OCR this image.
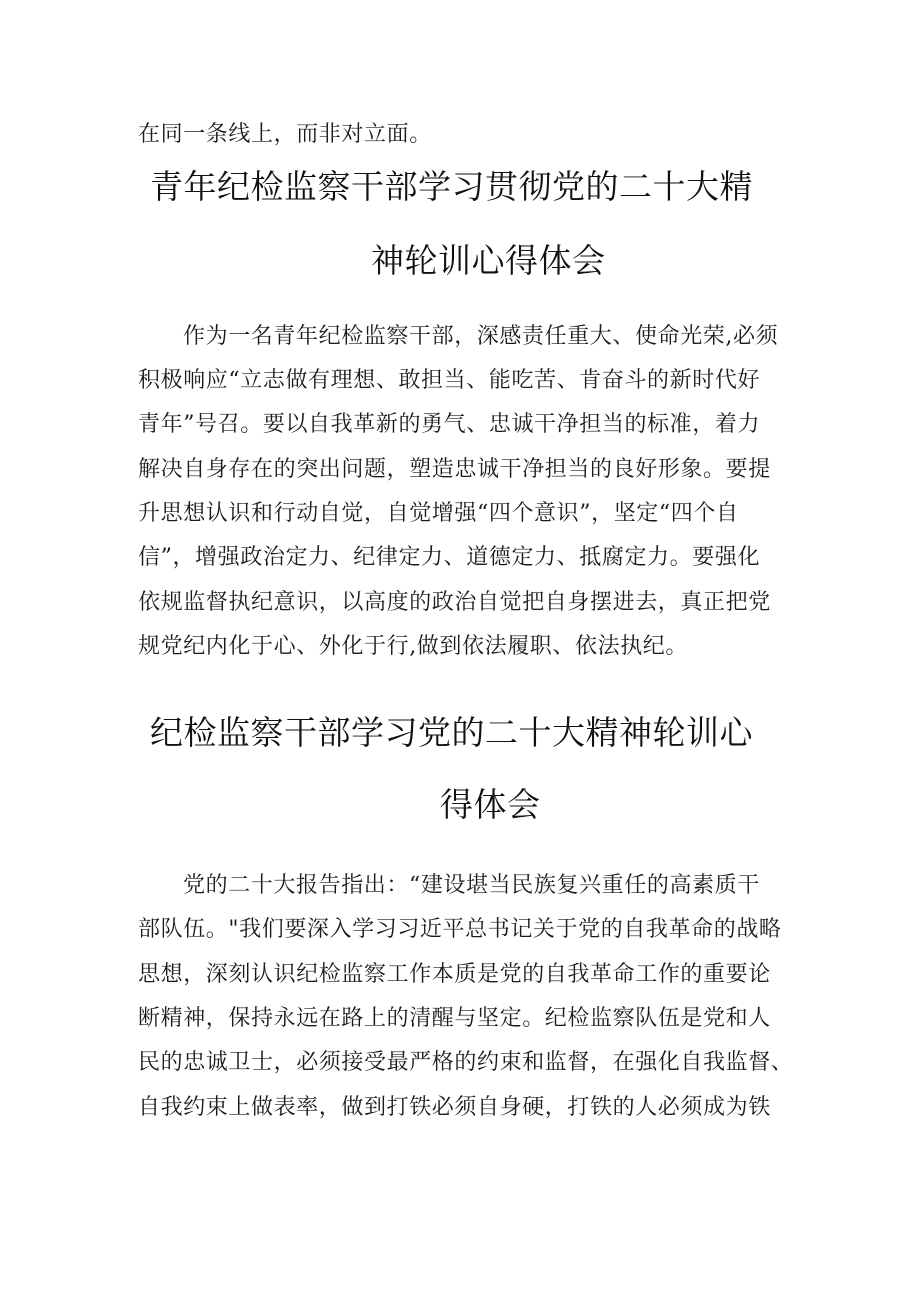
在同一条线上，而非对立面。
青年纪检监察干部学习贯彻党的二十大精
神轮训心得体会
作为一名青年纪检监察干部，深感责任重大、使命光荣,必须
积极响应“立志做有理想、敢担当、能吃苦、肯奋斗的新时代好
青年”号召。要以自我革新的勇气、忠诚干净担当的标准，着力
解决自身存在的突出问题，塑造忠诚干净担当的良好形象。要提
升思想认识和行动自觉，自觉增强“四个意识”，坚定“四个自
信”，增强政治定力、纪律定力、道德定力、抵腐定力。要强化
依规监督执纪意识，以高度的政治自觉把自身摆进去，真正把党
规党纪内化于心、外化于行,做到依法履职、依法执纪。
纪检监察干部学习党的二十大精神轮训心
得体会
党的二十大报告指出：“建设堪当民族复兴重任的高素质干
部队伍。"我们要深入学习习近平总书记关于党的自我革命的战略
思想，深刻认识纪检监察工作本质是党的自我革命工作的重要论
断精神，保持永远在路上的清醒与坚定。纪检监察队伍是党和人
民的忠诚卫士，必须接受最严格的约束和监督，在强化自我监督、
自我约束上做表率，做到打铁必须自身硬，打铁的人必须成为铁
